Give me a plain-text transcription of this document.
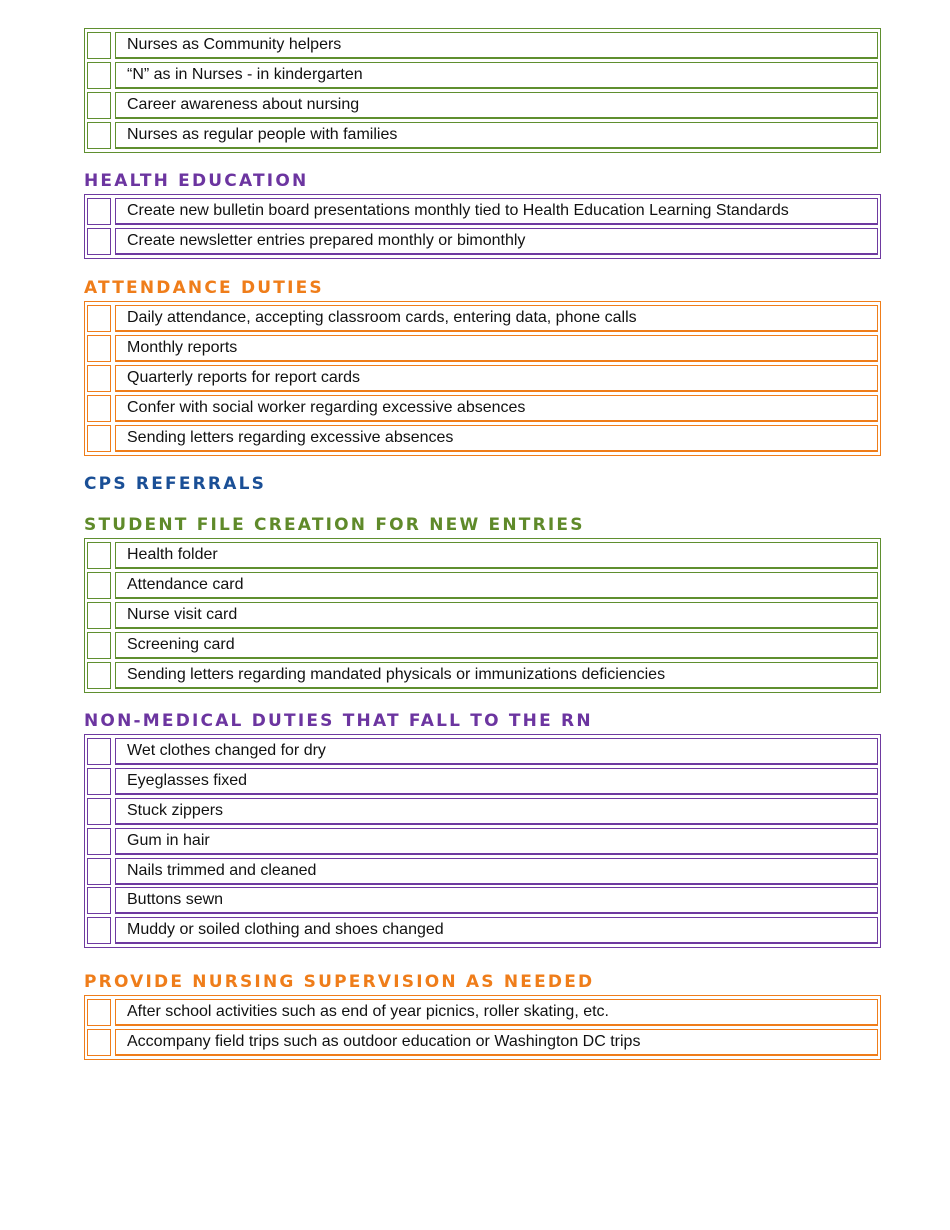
Nurses as Community helpers
“N” as in Nurses - in kindergarten
Career awareness about nursing
Nurses as regular people with families
HEALTH EDUCATION
Create new bulletin board presentations monthly tied to Health Education Learning Standards
Create newsletter entries prepared monthly or bimonthly
ATTENDANCE DUTIES
Daily attendance, accepting classroom cards, entering data, phone calls
Monthly reports
Quarterly reports for report cards
Confer with social worker regarding excessive absences
Sending letters regarding excessive absences
CPS REFERRALS
STUDENT FILE CREATION FOR NEW ENTRIES
Health folder
Attendance card
Nurse visit card
Screening card
Sending letters regarding mandated physicals or immunizations deficiencies
NON-MEDICAL DUTIES THAT FALL TO THE RN
Wet clothes changed for dry
Eyeglasses fixed
Stuck zippers
Gum in hair
Nails trimmed and cleaned
Buttons sewn
Muddy or soiled clothing and shoes changed
PROVIDE NURSING SUPERVISION AS NEEDED
After school activities such as end of year picnics, roller skating, etc.
Accompany field trips such as outdoor education or Washington DC trips
